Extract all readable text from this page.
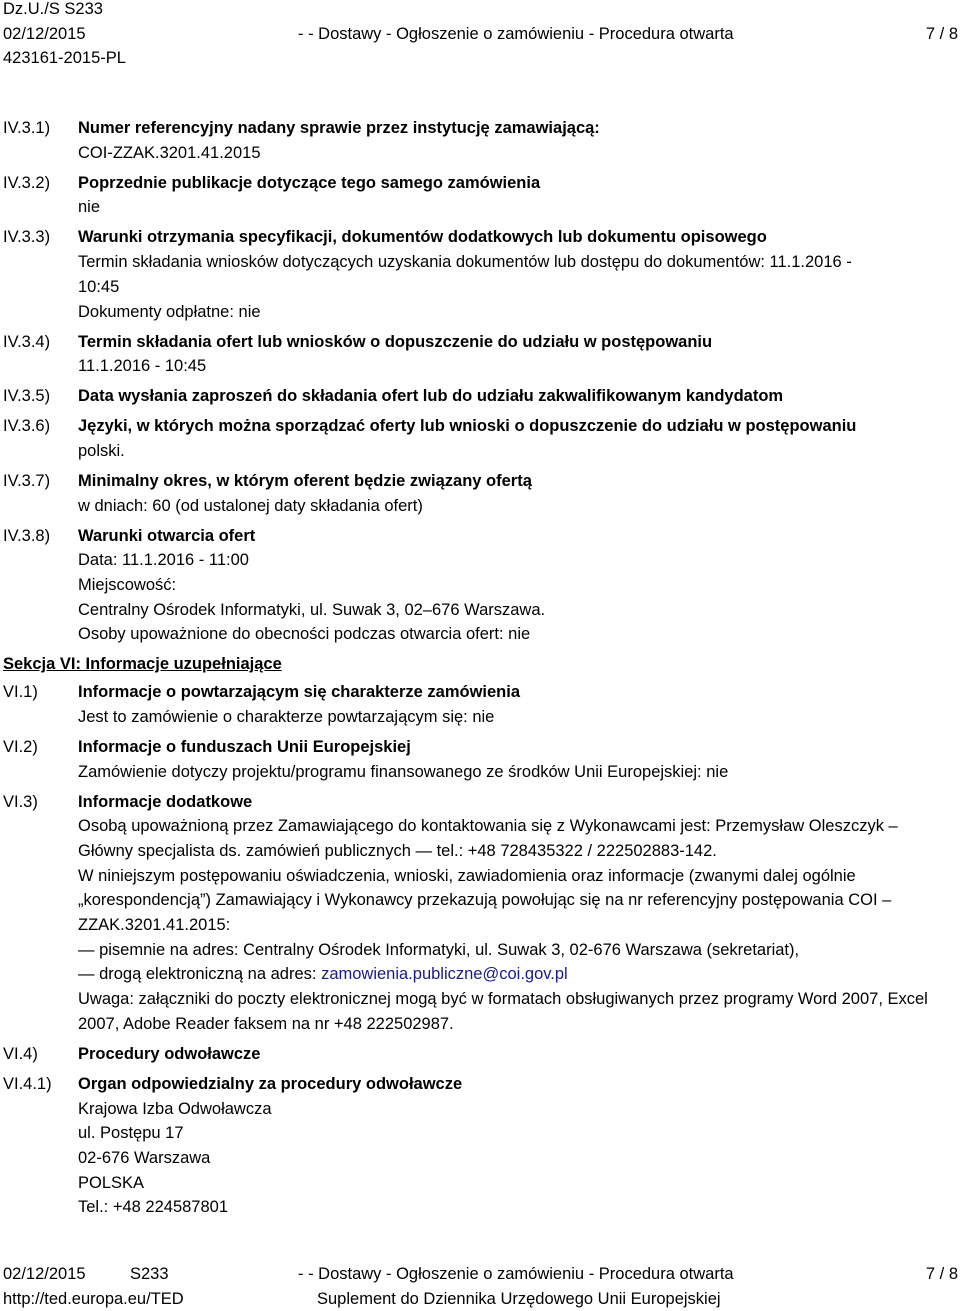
Dz.U./S S233
02/12/2015	- - Dostawy - Ogłoszenie o zamówieniu - Procedura otwarta	7 / 8
423161-2015-PL
IV.3.1) Numer referencyjny nadany sprawie przez instytucję zamawiającą:
COI-ZZAK.3201.41.2015
IV.3.2) Poprzednie publikacje dotyczące tego samego zamówienia
nie
IV.3.3) Warunki otrzymania specyfikacji, dokumentów dodatkowych lub dokumentu opisowego
Termin składania wniosków dotyczących uzyskania dokumentów lub dostępu do dokumentów: 11.1.2016 -
10:45
Dokumenty odpłatne: nie
IV.3.4) Termin składania ofert lub wniosków o dopuszczenie do udziału w postępowaniu
11.1.2016 - 10:45
IV.3.5) Data wysłania zaproszeń do składania ofert lub do udziału zakwalifikowanym kandydatom
IV.3.6) Języki, w których można sporządzać oferty lub wnioski o dopuszczenie do udziału w postępowaniu
polski.
IV.3.7) Minimalny okres, w którym oferent będzie związany ofertą
w dniach: 60 (od ustalonej daty składania ofert)
IV.3.8) Warunki otwarcia ofert
Data: 11.1.2016 - 11:00
Miejscowość:
Centralny Ośrodek Informatyki, ul. Suwak 3, 02–676 Warszawa.
Osoby upoważnione do obecności podczas otwarcia ofert: nie
Sekcja VI: Informacje uzupełniające
VI.1) Informacje o powtarzającym się charakterze zamówienia
Jest to zamówienie o charakterze powtarzającym się: nie
VI.2) Informacje o funduszach Unii Europejskiej
Zamówienie dotyczy projektu/programu finansowanego ze środków Unii Europejskiej: nie
VI.3) Informacje dodatkowe
Osobą upoważnioną przez Zamawiającego do kontaktowania się z Wykonawcami jest: Przemysław Oleszczyk – Główny specjalista ds. zamówień publicznych — tel.: +48 728435322 / 222502883-142.
W niniejszym postępowaniu oświadczenia, wnioski, zawiadomienia oraz informacje (zwanymi dalej ogólnie „korespondencją”) Zamawiający i Wykonawcy przekazują powołując się na nr referencyjny postępowania COI –
ZZAK.3201.41.2015:
— pisemnie na adres: Centralny Ośrodek Informatyki, ul. Suwak 3, 02-676 Warszawa (sekretariat),
— drogą elektroniczną na adres: zamowienia.publiczne@coi.gov.pl
Uwaga: załączniki do poczty elektronicznej mogą być w formatach obsługiwanych przez programy Word 2007, Excel 2007, Adobe Reader faksem na nr +48 222502987.
VI.4) Procedury odwoławcze
VI.4.1) Organ odpowiedzialny za procedury odwoławcze
Krajowa Izba Odwoławcza
ul. Postępu 17
02-676 Warszawa
POLSKA
Tel.: +48 224587801
02/12/2015	S233	- - Dostawy - Ogłoszenie o zamówieniu - Procedura otwarta	7 / 8
http://ted.europa.eu/TED	Suplement do Dziennika Urzędowego Unii Europejskiej
